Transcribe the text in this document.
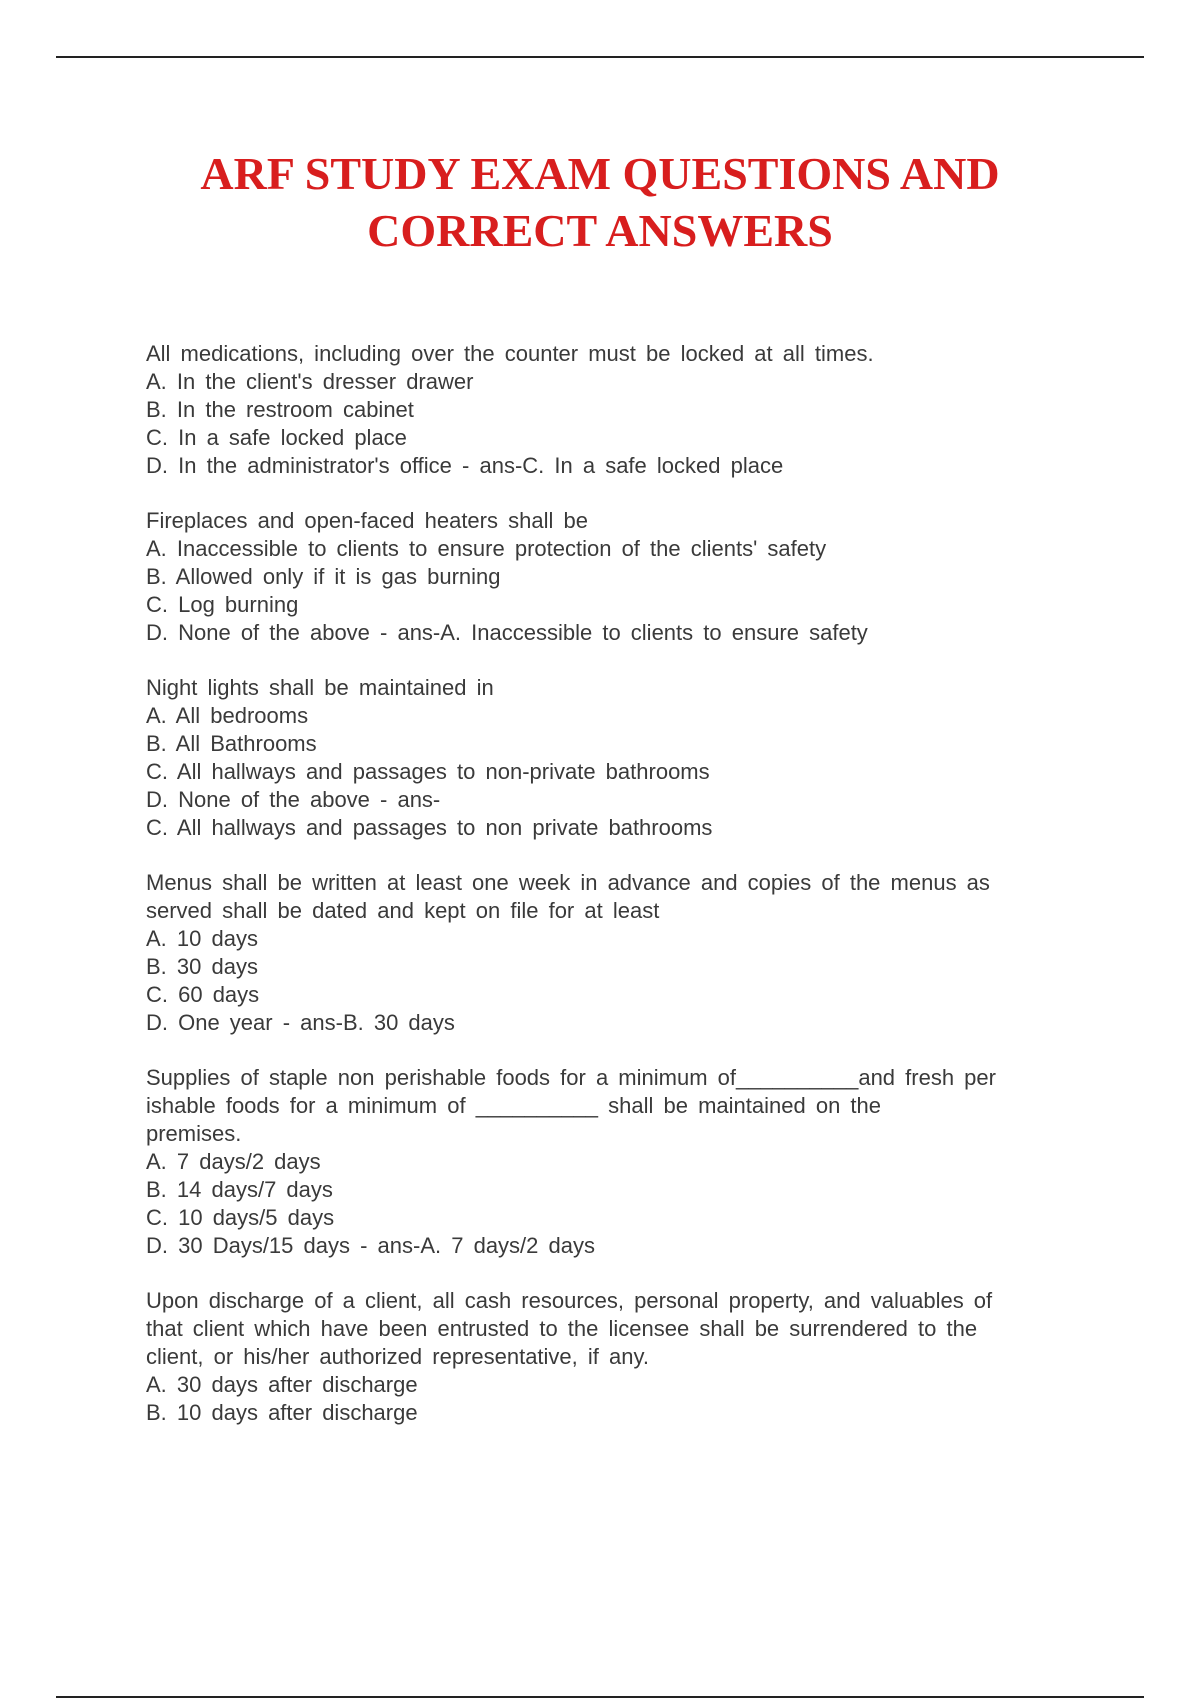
ARF STUDY EXAM QUESTIONS AND
CORRECT ANSWERS

All medications, including over the counter must be locked at all times.

A. In the client's dresser drawer
B. In the restroom cabinet
C. In a safe locked place
D. In the administrator's office - ans-C. In a safe locked place

Fireplaces and open-faced heaters shall be

A. Inaccessible to clients to ensure protection of the clients' safety
B. Allowed only if it is gas burning
C. Log burning
D. None of the above - ans-A. Inaccessible to clients to ensure safety

Night lights shall be maintained in

A. All bedrooms
B. All Bathrooms
C. All hallways and passages to non-private bathrooms
D. None of the above - ans-
C. All hallways and passages to non private bathrooms

Menus shall be written at least one week in advance and copies of the menus as
served shall be dated and kept on file for at least

A. 10 days
B. 30 days
C. 60 days
D. One year - ans-B. 30 days

Supplies of staple non perishable foods for a minimum of__________and fresh per
ishable foods for a minimum of __________ shall be maintained on the
premises.

A. 7 days/2 days
B. 14 days/7 days
C. 10 days/5 days
D. 30 Days/15 days - ans-A. 7 days/2 days

Upon discharge of a client, all cash resources, personal property, and valuables of
that client which have been entrusted to the licensee shall be surrendered to the
client, or his/her authorized representative, if any.

A. 30 days after discharge
B. 10 days after discharge
